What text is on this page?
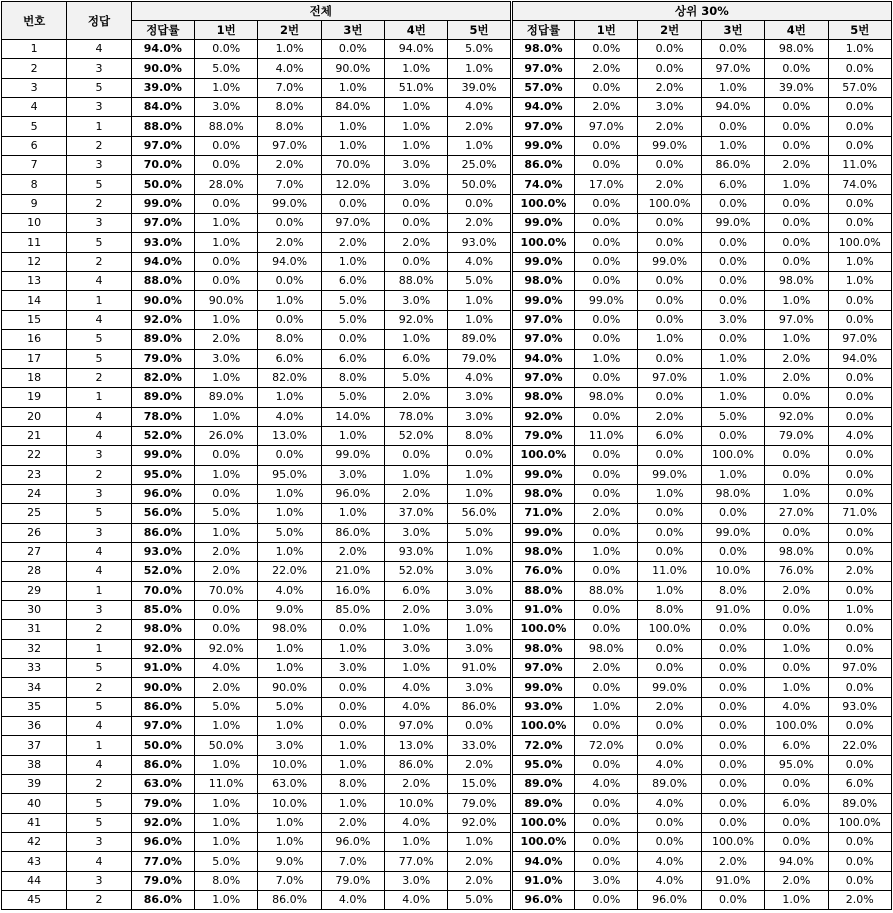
번호	정답	전체						상위 30%					
		정답률	1번	2번	3번	4번	5번	정답률	1번	2번	3번	4번	5번
1	4	94.0%	0.0%	1.0%	0.0%	94.0%	5.0%	98.0%	0.0%	0.0%	0.0%	98.0%	1.0%
2	3	90.0%	5.0%	4.0%	90.0%	1.0%	1.0%	97.0%	2.0%	0.0%	97.0%	0.0%	0.0%
3	5	39.0%	1.0%	7.0%	1.0%	51.0%	39.0%	57.0%	0.0%	2.0%	1.0%	39.0%	57.0%
4	3	84.0%	3.0%	8.0%	84.0%	1.0%	4.0%	94.0%	2.0%	3.0%	94.0%	0.0%	0.0%
5	1	88.0%	88.0%	8.0%	1.0%	1.0%	2.0%	97.0%	97.0%	2.0%	0.0%	0.0%	0.0%
6	2	97.0%	0.0%	97.0%	1.0%	1.0%	1.0%	99.0%	0.0%	99.0%	1.0%	0.0%	0.0%
7	3	70.0%	0.0%	2.0%	70.0%	3.0%	25.0%	86.0%	0.0%	0.0%	86.0%	2.0%	11.0%
8	5	50.0%	28.0%	7.0%	12.0%	3.0%	50.0%	74.0%	17.0%	2.0%	6.0%	1.0%	74.0%
9	2	99.0%	0.0%	99.0%	0.0%	0.0%	0.0%	100.0%	0.0%	100.0%	0.0%	0.0%	0.0%
10	3	97.0%	1.0%	0.0%	97.0%	0.0%	2.0%	99.0%	0.0%	0.0%	99.0%	0.0%	0.0%
11	5	93.0%	1.0%	2.0%	2.0%	2.0%	93.0%	100.0%	0.0%	0.0%	0.0%	0.0%	100.0%
12	2	94.0%	0.0%	94.0%	1.0%	0.0%	4.0%	99.0%	0.0%	99.0%	0.0%	0.0%	1.0%
13	4	88.0%	0.0%	0.0%	6.0%	88.0%	5.0%	98.0%	0.0%	0.0%	0.0%	98.0%	1.0%
14	1	90.0%	90.0%	1.0%	5.0%	3.0%	1.0%	99.0%	99.0%	0.0%	0.0%	1.0%	0.0%
15	4	92.0%	1.0%	0.0%	5.0%	92.0%	1.0%	97.0%	0.0%	0.0%	3.0%	97.0%	0.0%
16	5	89.0%	2.0%	8.0%	0.0%	1.0%	89.0%	97.0%	0.0%	1.0%	0.0%	1.0%	97.0%
17	5	79.0%	3.0%	6.0%	6.0%	6.0%	79.0%	94.0%	1.0%	0.0%	1.0%	2.0%	94.0%
18	2	82.0%	1.0%	82.0%	8.0%	5.0%	4.0%	97.0%	0.0%	97.0%	1.0%	2.0%	0.0%
19	1	89.0%	89.0%	1.0%	5.0%	2.0%	3.0%	98.0%	98.0%	0.0%	1.0%	0.0%	0.0%
20	4	78.0%	1.0%	4.0%	14.0%	78.0%	3.0%	92.0%	0.0%	2.0%	5.0%	92.0%	0.0%
21	4	52.0%	26.0%	13.0%	1.0%	52.0%	8.0%	79.0%	11.0%	6.0%	0.0%	79.0%	4.0%
22	3	99.0%	0.0%	0.0%	99.0%	0.0%	0.0%	100.0%	0.0%	0.0%	100.0%	0.0%	0.0%
23	2	95.0%	1.0%	95.0%	3.0%	1.0%	1.0%	99.0%	0.0%	99.0%	1.0%	0.0%	0.0%
24	3	96.0%	0.0%	1.0%	96.0%	2.0%	1.0%	98.0%	0.0%	1.0%	98.0%	1.0%	0.0%
25	5	56.0%	5.0%	1.0%	1.0%	37.0%	56.0%	71.0%	2.0%	0.0%	0.0%	27.0%	71.0%
26	3	86.0%	1.0%	5.0%	86.0%	3.0%	5.0%	99.0%	0.0%	0.0%	99.0%	0.0%	0.0%
27	4	93.0%	2.0%	1.0%	2.0%	93.0%	1.0%	98.0%	1.0%	0.0%	0.0%	98.0%	0.0%
28	4	52.0%	2.0%	22.0%	21.0%	52.0%	3.0%	76.0%	0.0%	11.0%	10.0%	76.0%	2.0%
29	1	70.0%	70.0%	4.0%	16.0%	6.0%	3.0%	88.0%	88.0%	1.0%	8.0%	2.0%	0.0%
30	3	85.0%	0.0%	9.0%	85.0%	2.0%	3.0%	91.0%	0.0%	8.0%	91.0%	0.0%	1.0%
31	2	98.0%	0.0%	98.0%	0.0%	1.0%	1.0%	100.0%	0.0%	100.0%	0.0%	0.0%	0.0%
32	1	92.0%	92.0%	1.0%	1.0%	3.0%	3.0%	98.0%	98.0%	0.0%	0.0%	1.0%	0.0%
33	5	91.0%	4.0%	1.0%	3.0%	1.0%	91.0%	97.0%	2.0%	0.0%	0.0%	0.0%	97.0%
34	2	90.0%	2.0%	90.0%	0.0%	4.0%	3.0%	99.0%	0.0%	99.0%	0.0%	1.0%	0.0%
35	5	86.0%	5.0%	5.0%	0.0%	4.0%	86.0%	93.0%	1.0%	2.0%	0.0%	4.0%	93.0%
36	4	97.0%	1.0%	1.0%	0.0%	97.0%	0.0%	100.0%	0.0%	0.0%	0.0%	100.0%	0.0%
37	1	50.0%	50.0%	3.0%	1.0%	13.0%	33.0%	72.0%	72.0%	0.0%	0.0%	6.0%	22.0%
38	4	86.0%	1.0%	10.0%	1.0%	86.0%	2.0%	95.0%	0.0%	4.0%	0.0%	95.0%	0.0%
39	2	63.0%	11.0%	63.0%	8.0%	2.0%	15.0%	89.0%	4.0%	89.0%	0.0%	0.0%	6.0%
40	5	79.0%	1.0%	10.0%	1.0%	10.0%	79.0%	89.0%	0.0%	4.0%	0.0%	6.0%	89.0%
41	5	92.0%	1.0%	1.0%	2.0%	4.0%	92.0%	100.0%	0.0%	0.0%	0.0%	0.0%	100.0%
42	3	96.0%	1.0%	1.0%	96.0%	1.0%	1.0%	100.0%	0.0%	0.0%	100.0%	0.0%	0.0%
43	4	77.0%	5.0%	9.0%	7.0%	77.0%	2.0%	94.0%	0.0%	4.0%	2.0%	94.0%	0.0%
44	3	79.0%	8.0%	7.0%	79.0%	3.0%	2.0%	91.0%	3.0%	4.0%	91.0%	2.0%	0.0%
45	2	86.0%	1.0%	86.0%	4.0%	4.0%	5.0%	96.0%	0.0%	96.0%	0.0%	1.0%	2.0%
